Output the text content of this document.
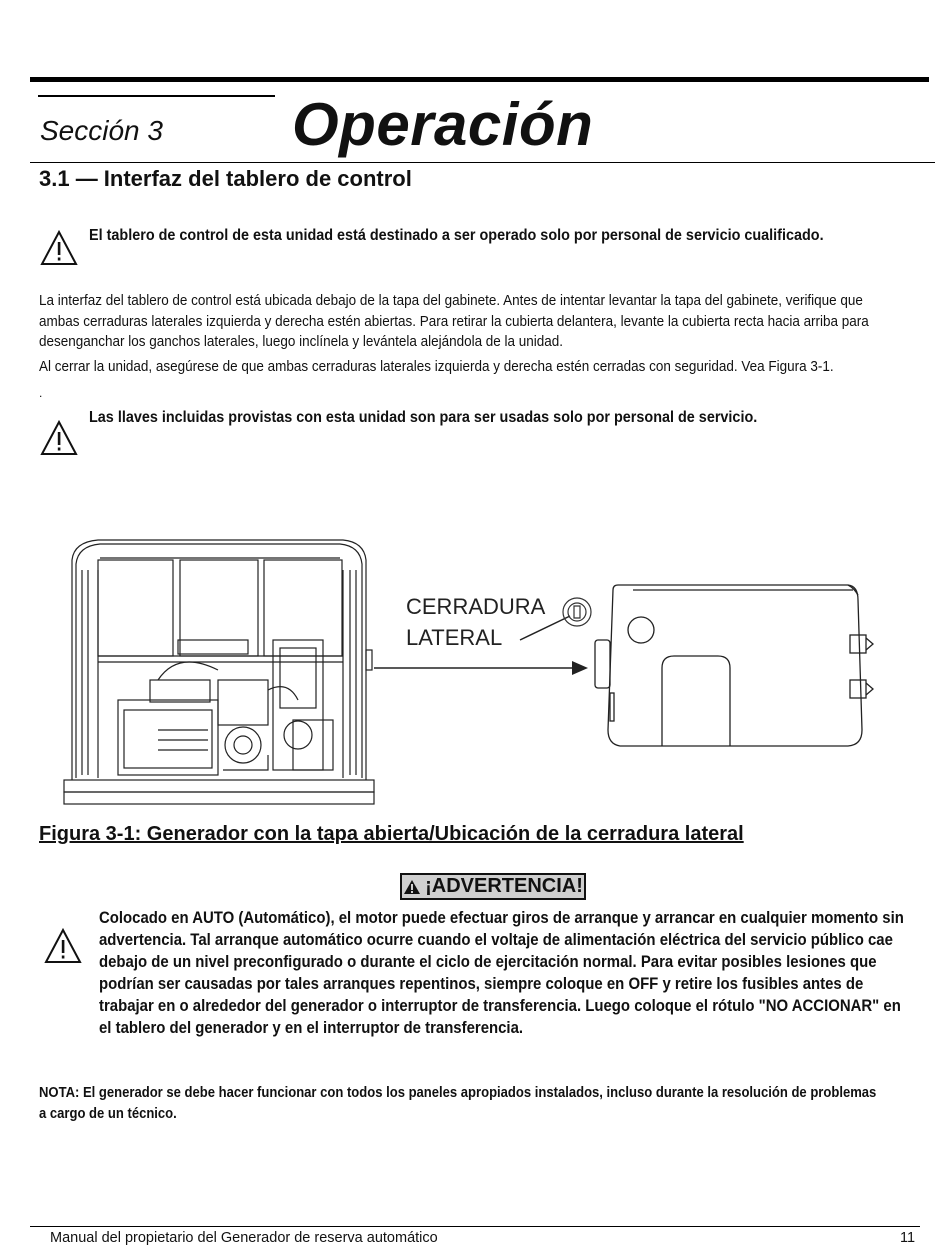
Sección 3 Operación
3.1 — Interfaz del tablero de control
El tablero de control de esta unidad está destinado a ser operado solo por personal de servicio cualificado.
La interfaz del tablero de control está ubicada debajo de la tapa del gabinete. Antes de intentar levantar la tapa del gabinete, verifique que
ambas cerraduras laterales izquierda y derecha estén abiertas. Para retirar la cubierta delantera, levante la cubierta recta hacia arriba para
desenganchar los ganchos laterales, luego inclínela y levántela alejándola de la unidad.
Al cerrar la unidad, asegúrese de que ambas cerraduras laterales izquierda y derecha estén cerradas con seguridad. Vea Figura 3-1.
.
Las llaves incluidas provistas con esta unidad son para ser usadas solo por personal de servicio.
CERRADURA
LATERAL
Figura 3-1: Generador con la tapa abierta/Ubicación de la cerradura lateral
¡ADVERTENCIA!
Colocado en AUTO (Automático), el motor puede efectuar giros de arranque y arrancar en cualquier momento sin
advertencia. Tal arranque automático ocurre cuando el voltaje de alimentación eléctrica del servicio público cae
debajo de un nivel preconfigurado o durante el ciclo de ejercitación normal. Para evitar posibles lesiones que
podrían ser causadas por tales arranques repentinos, siempre coloque en OFF y retire los fusibles antes de
trabajar en o alrededor del generador o interruptor de transferencia. Luego coloque el rótulo "NO ACCIONAR" en
el tablero del generador y en el interruptor de transferencia.
NOTA: El generador se debe hacer funcionar con todos los paneles apropiados instalados, incluso durante la resolución de problemas
a cargo de un técnico.
Manual del propietario del Generador de reserva automático	11
